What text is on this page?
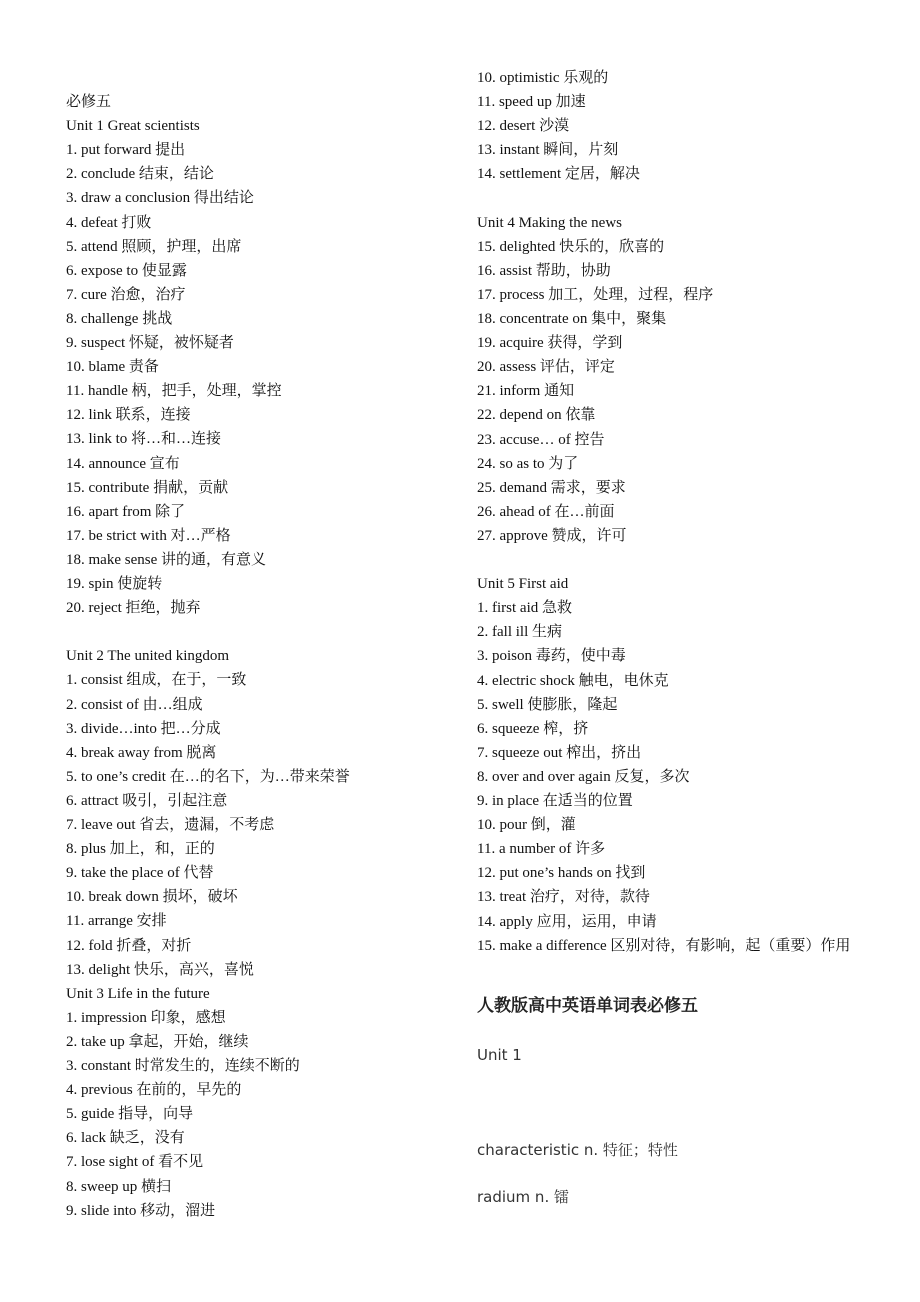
必修五
Unit 1 Great scientists
1. put forward 提出
2. conclude 结束，结论
3. draw a conclusion 得出结论
4. defeat 打败
5. attend 照顾，护理，出席
6. expose to 使显露
7. cure 治愈，治疗
8. challenge 挑战
9. suspect 怀疑，被怀疑者
10. blame 责备
11. handle 柄，把手，处理，掌控
12. link 联系，连接
13. link to 将…和…连接
14. announce 宣布
15. contribute 捐献，贡献
16. apart from 除了
17. be strict with 对…严格
18. make sense 讲的通，有意义
19. spin 使旋转
20. reject 拒绝，抛弃
Unit 2 The united kingdom
1. consist 组成，在于，一致
2. consist of 由…组成
3. divide…into 把…分成
4. break away from 脱离
5. to one’s credit 在…的名下，为…带来荣誉
6. attract 吸引，引起注意
7. leave out 省去，遗漏，不考虑
8. plus 加上，和，正的
9. take the place of 代替
10. break down 损坏，破坏
11. arrange 安排
12. fold 折叠，对折
13. delight 快乐，高兴，喜悦
Unit 3 Life in the future
1. impression 印象，感想
2. take up 拿起，开始，继续
3. constant 时常发生的，连续不断的
4. previous 在前的，早先的
5. guide 指导，向导
6. lack 缺乏，没有
7. lose sight of 看不见
8. sweep up 横扫
9. slide into 移动，溜进
10. optimistic 乐观的
11. speed up 加速
12. desert 沙漠
13. instant 瞬间，片刻
14. settlement 定居，解决
Unit 4 Making the news
15. delighted 快乐的，欣喜的
16. assist 帮助，协助
17. process 加工，处理，过程，程序
18. concentrate on 集中，聚集
19. acquire 获得，学到
20. assess 评估，评定
21. inform 通知
22. depend on 依靠
23. accuse… of 控告
24. so as to 为了
25. demand 需求，要求
26. ahead of 在…前面
27. approve 赞成，许可
Unit 5 First aid
1. first aid 急救
2. fall ill 生病
3. poison 毒药，使中毒
4. electric shock 触电，电休克
5. swell 使膨胀，隆起
6. squeeze 榨，挤
7. squeeze out 榨出，挤出
8. over and over again 反复，多次
9. in place 在适当的位置
10. pour 倒，灌
11. a number of 许多
12. put one’s hands on 找到
13. treat 治疗，对待，款待
14. apply 应用，运用，申请
15. make a difference 区别对待，有影响，起（重要）作用
人教版高中英语单词表必修五
Unit 1
characteristic n. 特征；特性
radium n. 镭
